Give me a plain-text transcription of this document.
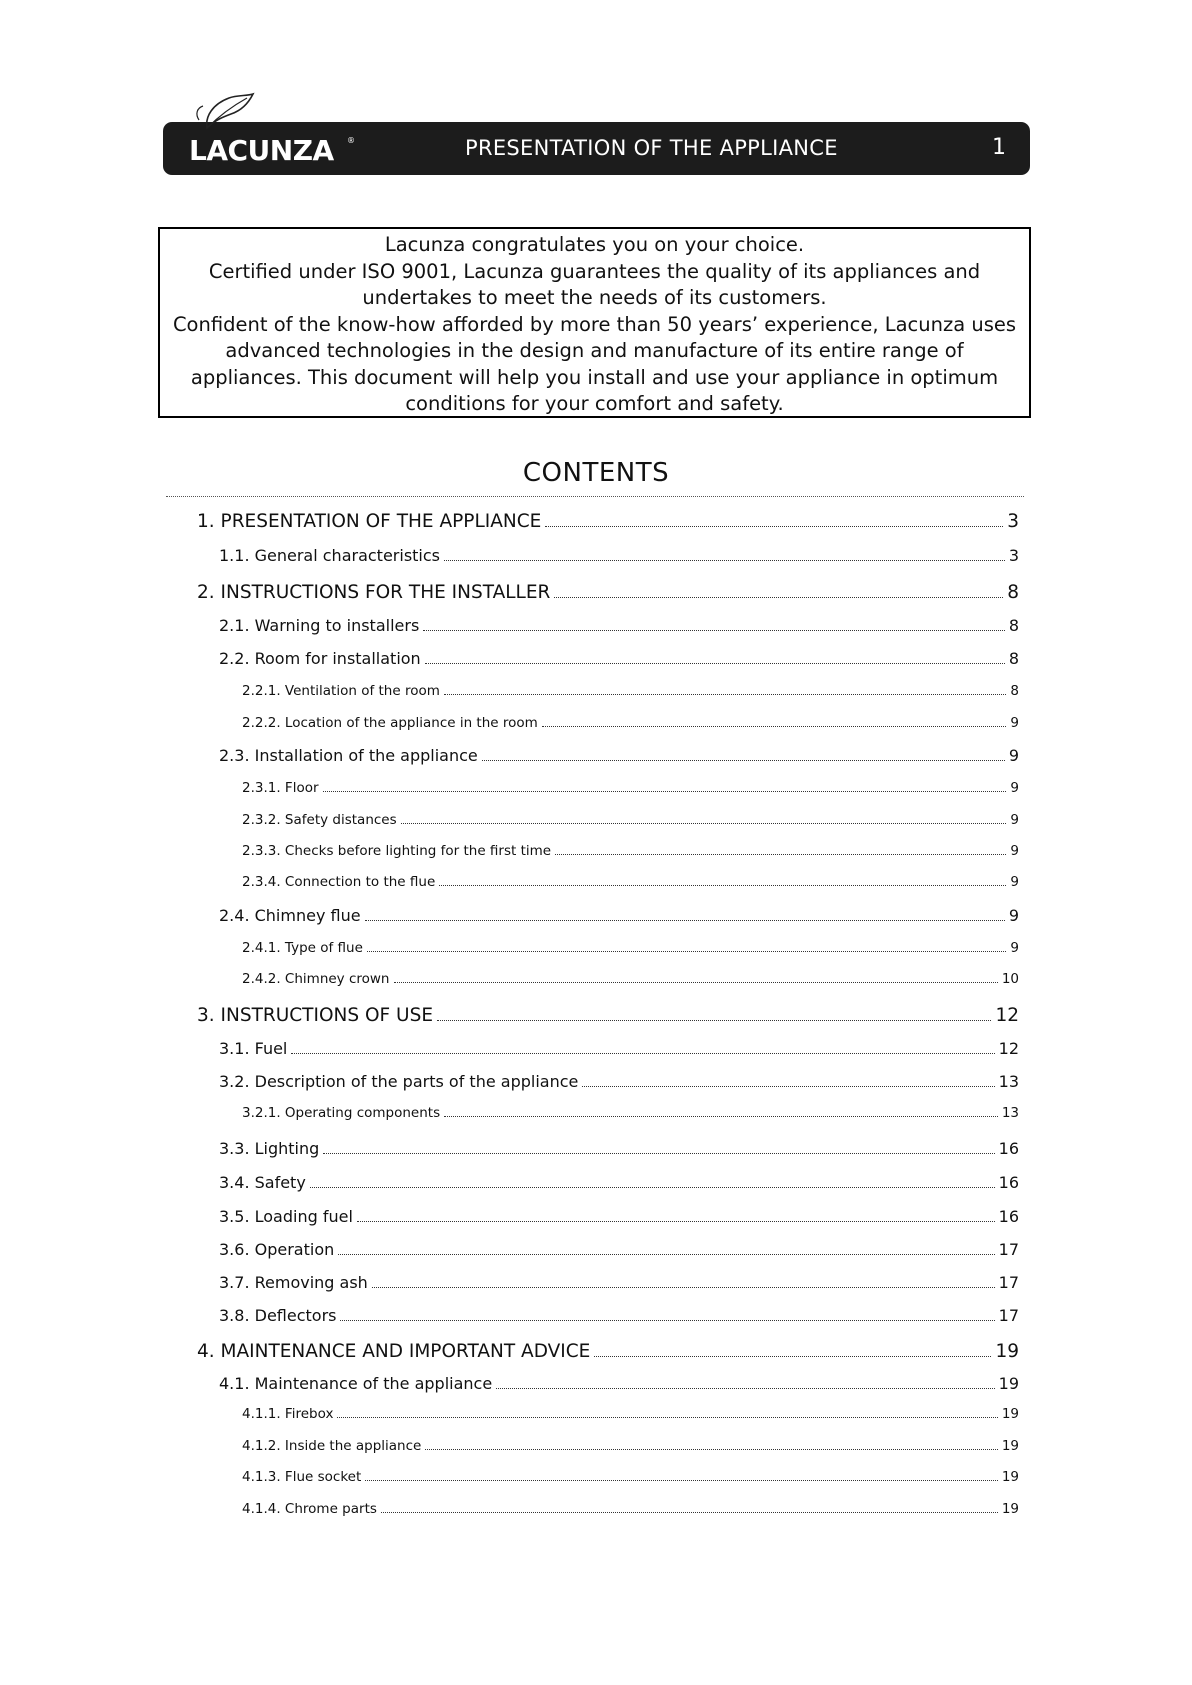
LACUNZA ®	PRESENTATION OF THE APPLIANCE	1

Lacunza congratulates you on your choice.

Certified under ISO 9001, Lacunza guarantees the quality of its appliances and undertakes to meet the needs of its customers.

Confident of the know-how afforded by more than 50 years’ experience, Lacunza uses advanced technologies in the design and manufacture of its entire range of appliances. This document will help you install and use your appliance in optimum conditions for your comfort and safety.

CONTENTS
1. PRESENTATION OF THE APPLIANCE	3
1.1. General characteristics	3
2. INSTRUCTIONS FOR THE INSTALLER	8
2.1. Warning to installers	8
2.2. Room for installation	8
2.2.1. Ventilation of the room	8
2.2.2. Location of the appliance in the room	9
2.3. Installation of the appliance	9
2.3.1. Floor	9
2.3.2. Safety distances	9
2.3.3. Checks before lighting for the first time	9
2.3.4. Connection to the flue	9
2.4. Chimney flue	9
2.4.1. Type of flue	9
2.4.2. Chimney crown	10
3. INSTRUCTIONS OF USE	12
3.1. Fuel	12
3.2. Description of the parts of the appliance	13
3.2.1. Operating components	13
3.3. Lighting	16
3.4. Safety	16
3.5. Loading fuel	16
3.6. Operation	17
3.7. Removing ash	17
3.8. Deflectors	17
4. MAINTENANCE AND IMPORTANT ADVICE	19
4.1. Maintenance of the appliance	19
4.1.1. Firebox	19
4.1.2. Inside the appliance	19
4.1.3. Flue socket	19
4.1.4. Chrome parts	19
